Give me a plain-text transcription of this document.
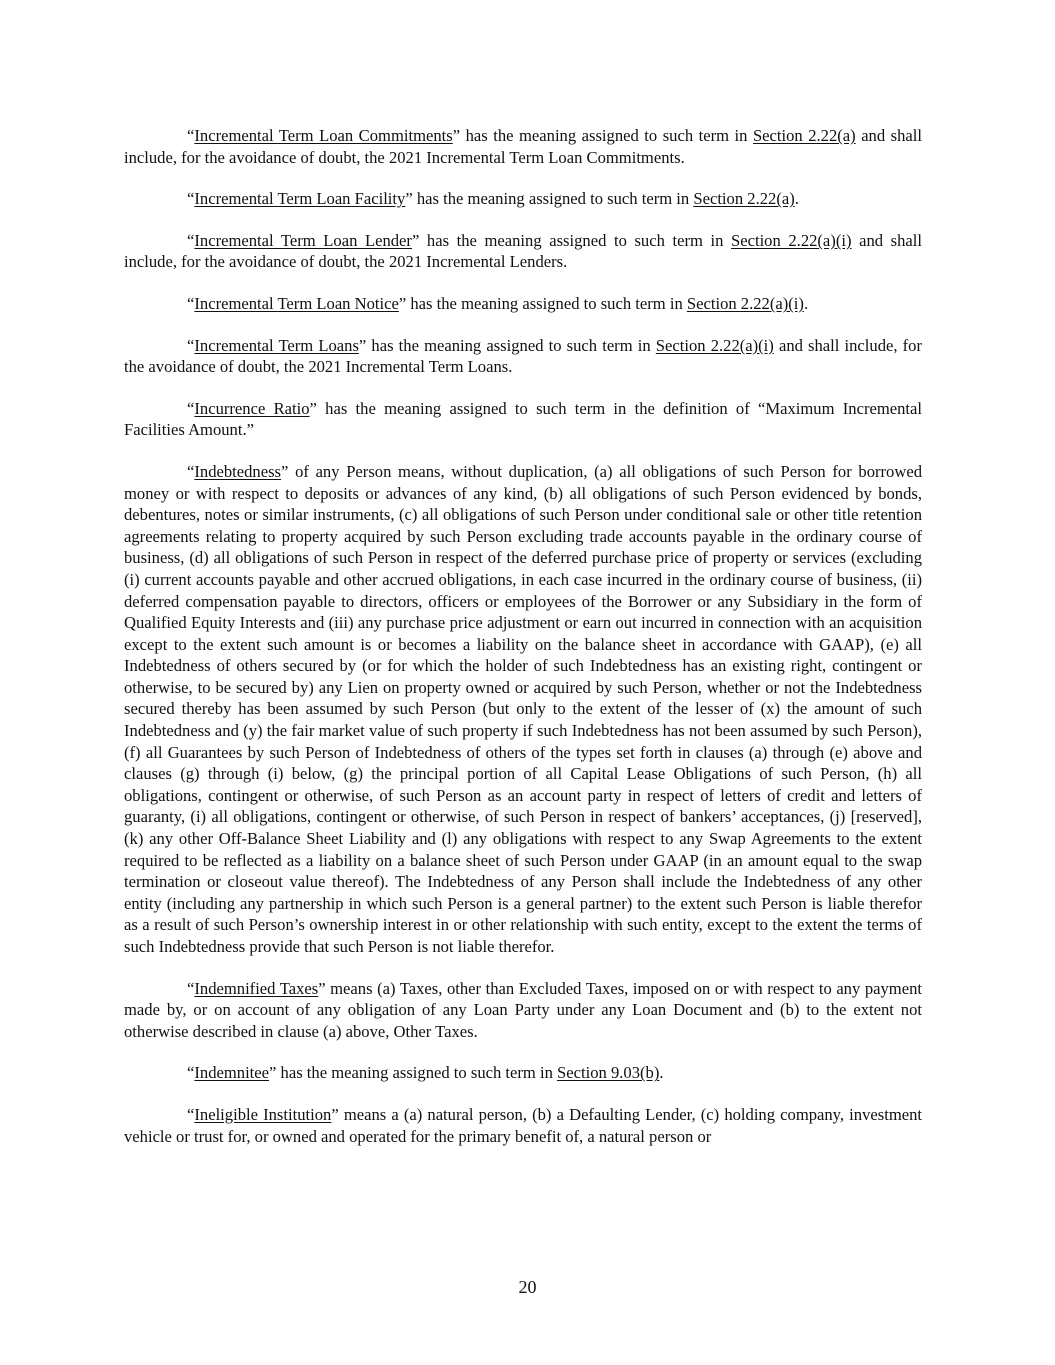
“Incremental Term Loan Commitments” has the meaning assigned to such term in Section 2.22(a) and shall include, for the avoidance of doubt, the 2021 Incremental Term Loan Commitments.

“Incremental Term Loan Facility” has the meaning assigned to such term in Section 2.22(a).

“Incremental Term Loan Lender” has the meaning assigned to such term in Section 2.22(a)(i) and shall include, for the avoidance of doubt, the 2021 Incremental Lenders.

“Incremental Term Loan Notice” has the meaning assigned to such term in Section 2.22(a)(i).

“Incremental Term Loans” has the meaning assigned to such term in Section 2.22(a)(i) and shall include, for the avoidance of doubt, the 2021 Incremental Term Loans.

“Incurrence Ratio” has the meaning assigned to such term in the definition of “Maximum Incremental Facilities Amount.”

“Indebtedness” of any Person means, without duplication, (a) all obligations of such Person for borrowed money or with respect to deposits or advances of any kind, (b) all obligations of such Person evidenced by bonds, debentures, notes or similar instruments, (c) all obligations of such Person under conditional sale or other title retention agreements relating to property acquired by such Person excluding trade accounts payable in the ordinary course of business, (d) all obligations of such Person in respect of the deferred purchase price of property or services (excluding (i) current accounts payable and other accrued obligations, in each case incurred in the ordinary course of business, (ii) deferred compensation payable to directors, officers or employees of the Borrower or any Subsidiary in the form of Qualified Equity Interests and (iii) any purchase price adjustment or earn out incurred in connection with an acquisition except to the extent such amount is or becomes a liability on the balance sheet in accordance with GAAP), (e) all Indebtedness of others secured by (or for which the holder of such Indebtedness has an existing right, contingent or otherwise, to be secured by) any Lien on property owned or acquired by such Person, whether or not the Indebtedness secured thereby has been assumed by such Person (but only to the extent of the lesser of (x) the amount of such Indebtedness and (y) the fair market value of such property if such Indebtedness has not been assumed by such Person), (f) all Guarantees by such Person of Indebtedness of others of the types set forth in clauses (a) through (e) above and clauses (g) through (i) below, (g) the principal portion of all Capital Lease Obligations of such Person, (h) all obligations, contingent or otherwise, of such Person as an account party in respect of letters of credit and letters of guaranty, (i) all obligations, contingent or otherwise, of such Person in respect of bankers’ acceptances, (j) [reserved], (k) any other Off-Balance Sheet Liability and (l) any obligations with respect to any Swap Agreements to the extent required to be reflected as a liability on a balance sheet of such Person under GAAP (in an amount equal to the swap termination or closeout value thereof). The Indebtedness of any Person shall include the Indebtedness of any other entity (including any partnership in which such Person is a general partner) to the extent such Person is liable therefor as a result of such Person’s ownership interest in or other relationship with such entity, except to the extent the terms of such Indebtedness provide that such Person is not liable therefor.

“Indemnified Taxes” means (a) Taxes, other than Excluded Taxes, imposed on or with respect to any payment made by, or on account of any obligation of any Loan Party under any Loan Document and (b) to the extent not otherwise described in clause (a) above, Other Taxes.

“Indemnitee” has the meaning assigned to such term in Section 9.03(b).

“Ineligible Institution” means a (a) natural person, (b) a Defaulting Lender, (c) holding company, investment vehicle or trust for, or owned and operated for the primary benefit of, a natural person or

20
